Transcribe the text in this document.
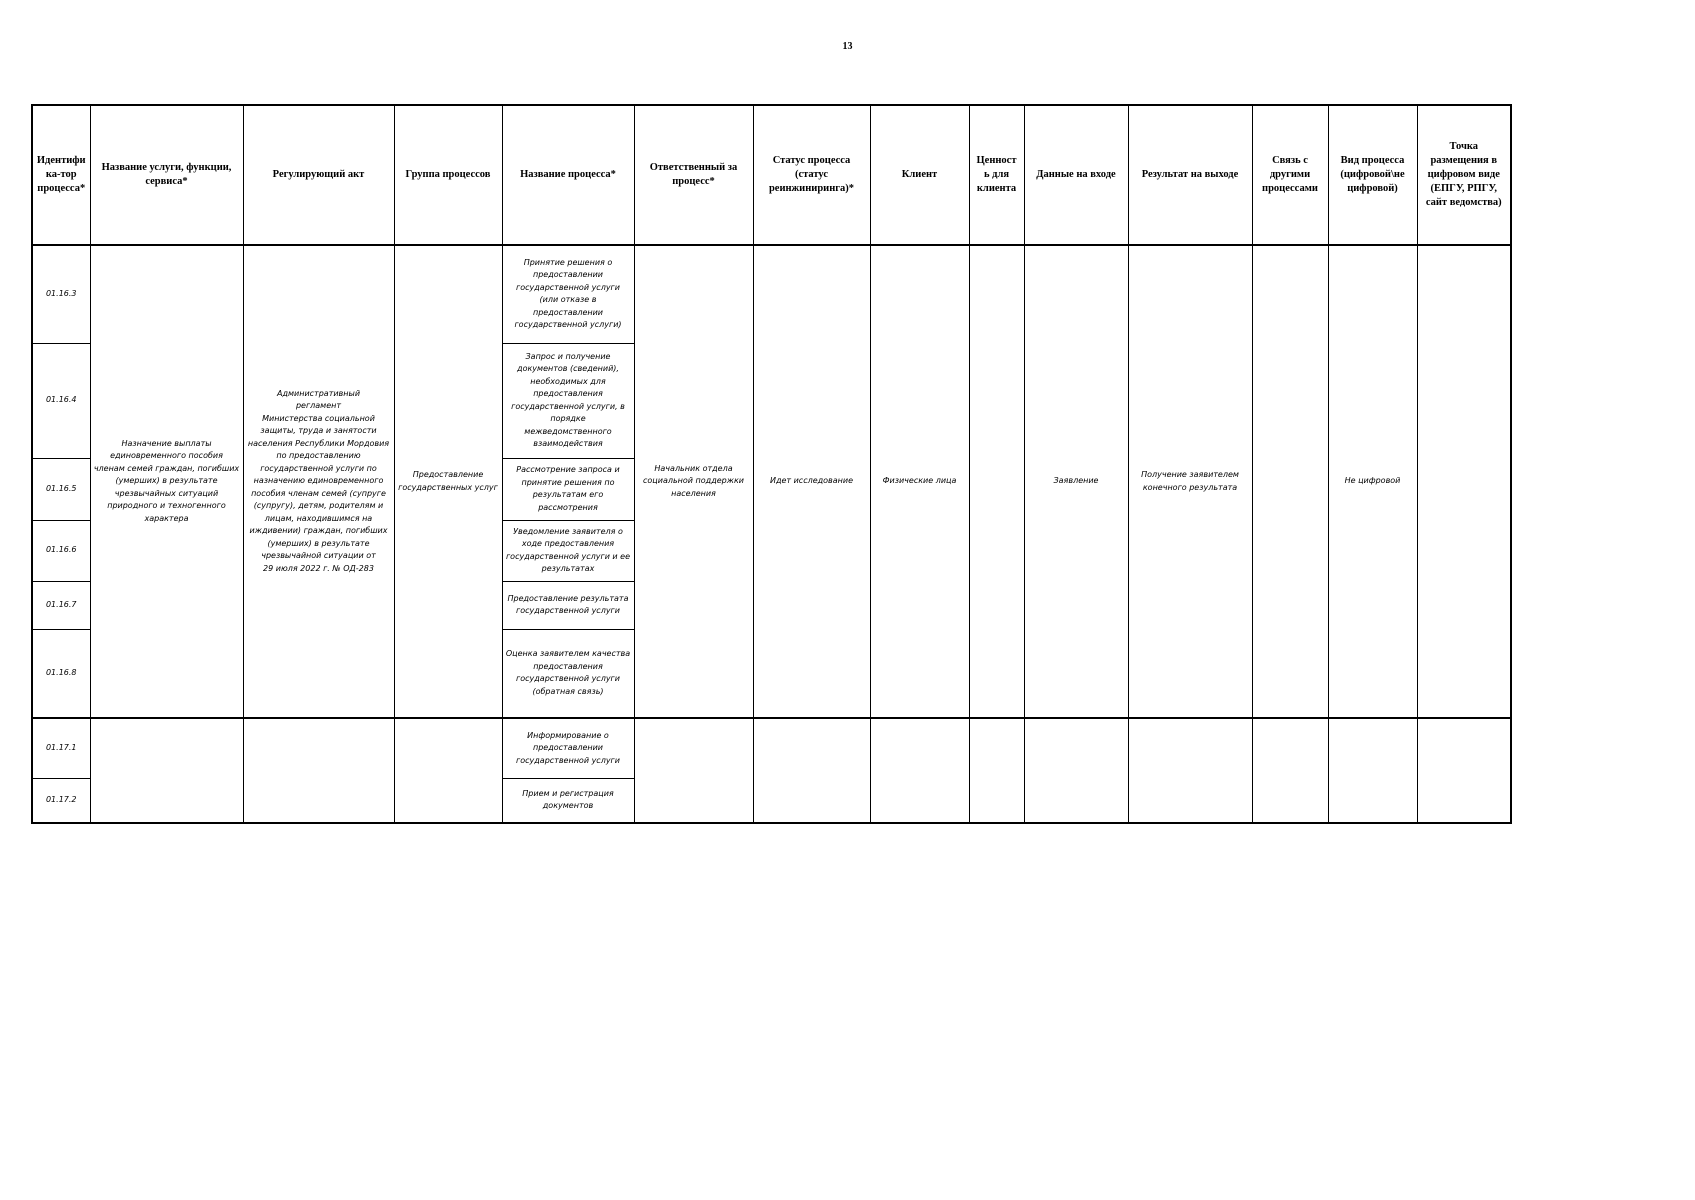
13
Идентифи ка-тор процесса*	Название услуги, функции, сервиса*	Регулирующий акт	Группа процессов	Название процесса*	Ответственный за процесс*	Статус процесса (статус реинжиниринга)*	Клиент	Ценност ь для клиента	Данные на входе	Результат на выходе	Связь с другими процессами	Вид процесса (цифровой\не цифровой)	Точка размещения в цифровом виде (ЕПГУ, РПГУ, сайт ведомства)
01.16.3	Назначение выплаты единовременного пособия членам семей граждан, погибших (умерших) в результате чрезвычайных ситуаций природного и техногенного характера	Административный
регламент
Министерства социальной защиты, труда и занятости населения Республики Мордовия по предоставлению государственной услуги по назначению единовременного пособия членам семей (супруге (супругу), детям, родителям и лицам, находившимся на иждивении) граждан, погибших (умерших) в результате чрезвычайной ситуации от
29 июля 2022 г. № ОД-283	Предоставление государственных услуг	Принятие решения о предоставлении государственной услуги (или отказе в предоставлении государственной услуги)	Начальник отдела социальной поддержки населения	Идет исследование	Физические лица		Заявление	Получение заявителем конечного результата		Не цифровой	
01.16.4				Запрос и получение документов (сведений), необходимых для предоставления государственной услуги, в порядке межведомственного взаимодействия									
01.16.5				Рассмотрение запроса и принятие решения по результатам его рассмотрения									
01.16.6				Уведомление заявителя о ходе предоставления государственной услуги и ее результатах									
01.16.7				Предоставление результата государственной услуги									
01.16.8				Оценка заявителем качества предоставления государственной услуги (обратная связь)									
01.17.1				Информирование о предоставлении государственной услуги									
01.17.2				Прием и регистрация документов									
